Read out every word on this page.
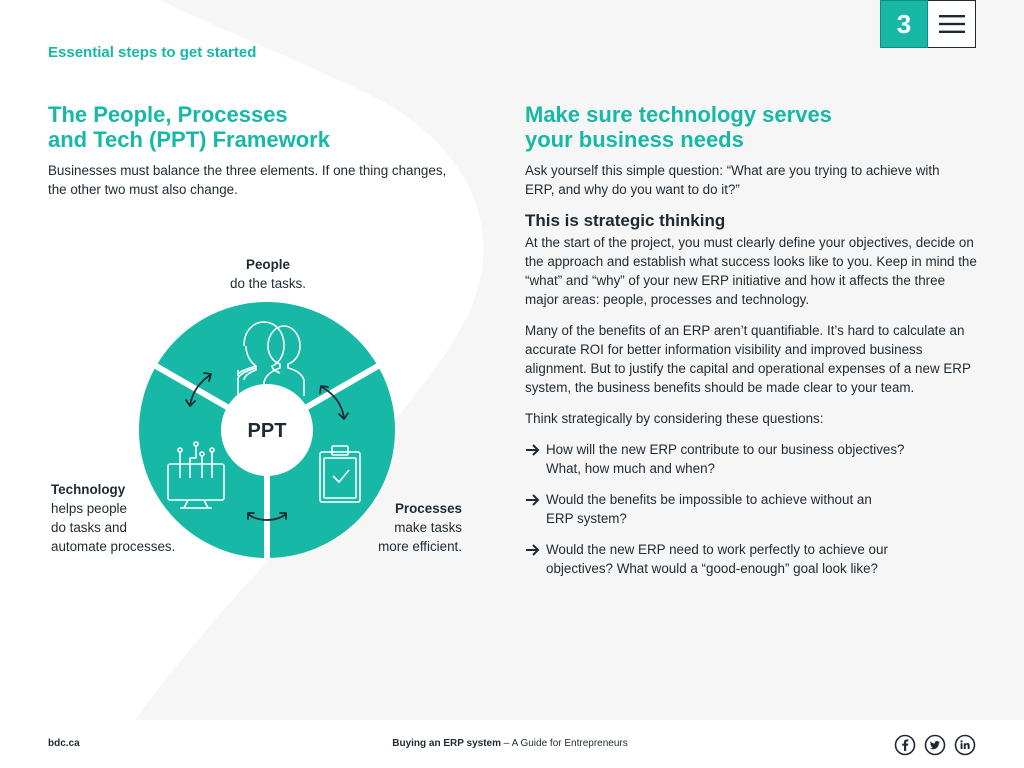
Essential steps to get started
3
The People, Processes
and Tech (PPT) Framework

Businesses must balance the three elements. If one thing changes,
the other two must also change.

People
do the tasks.
Technology
helps people
do tasks and
automate processes.
Processes
make tasks
more efficient.
PPT
Make sure technology serves
your business needs

Ask yourself this simple question: “What are you trying to achieve with
ERP, and why do you want to do it?”

This is strategic thinking

At the start of the project, you must clearly define your objectives, decide on the approach and establish what success looks like to you. Keep in mind the “what” and “why” of your new ERP initiative and how it affects the three major areas: people, processes and technology.

Many of the benefits of an ERP aren’t quantifiable. It’s hard to calculate an accurate ROI for better information visibility and improved business alignment. But to justify the capital and operational expenses of a new ERP system, the business benefits should be made clear to your team.

Think strategically by considering these questions:

How will the new ERP contribute to our business objectives?
What, how much and when?
Would the benefits be impossible to achieve without an
ERP system?
Would the new ERP need to work perfectly to achieve our
objectives? What would a “good-enough” goal look like?
bdc.ca	Buying an ERP system – A Guide for Entrepreneurs
